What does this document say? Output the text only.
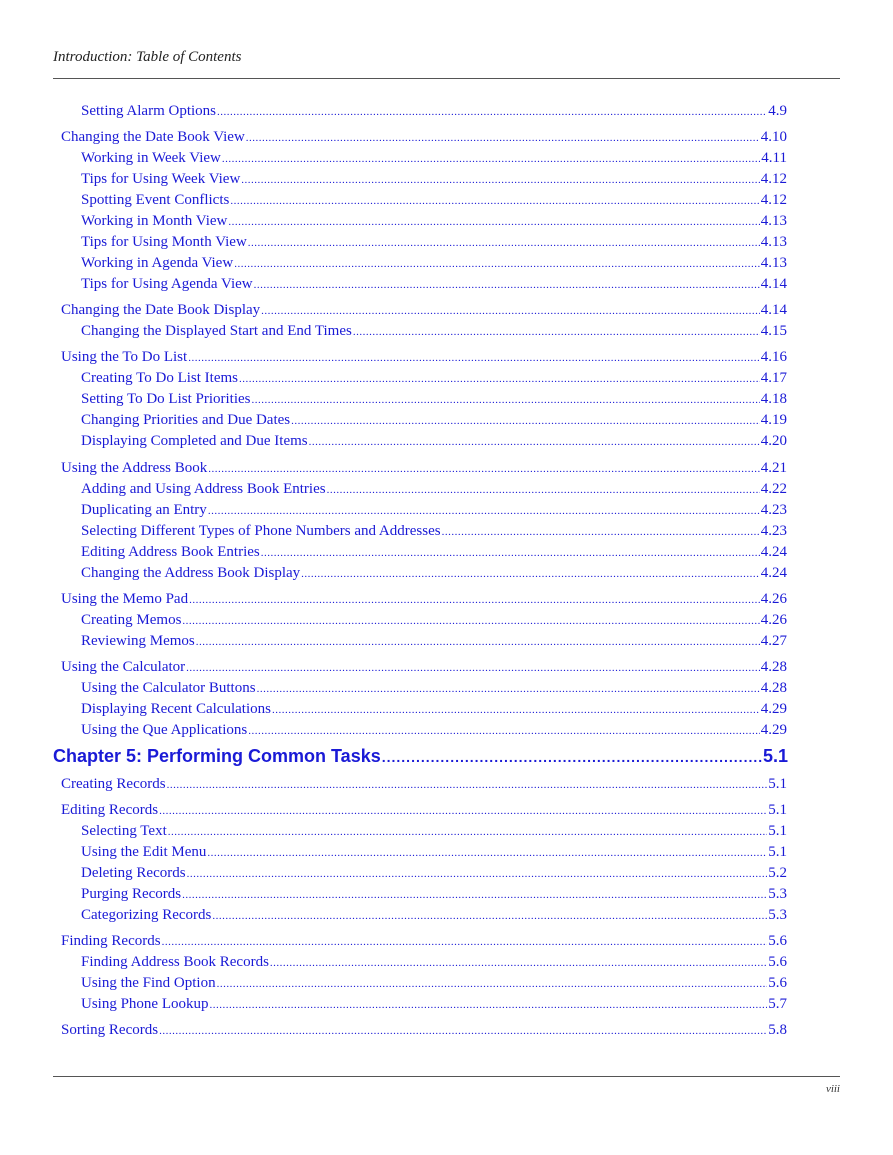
Introduction: Table of Contents
Setting Alarm Options .....	4.9
Changing the Date Book View .....	4.10
Working in Week View .....	4.11
Tips for Using Week View .....	4.12
Spotting Event Conflicts .....	4.12
Working in Month View .....	4.13
Tips for Using Month View .....	4.13
Working in Agenda View .....	4.13
Tips for Using Agenda View .....	4.14
Changing the Date Book Display .....	4.14
Changing the Displayed Start and End Times .....	4.15
Using the To Do List .....	4.16
Creating To Do List Items .....	4.17
Setting To Do List Priorities .....	4.18
Changing Priorities and Due Dates .....	4.19
Displaying Completed and Due Items .....	4.20
Using the Address Book .....	4.21
Adding and Using Address Book Entries .....	4.22
Duplicating an Entry .....	4.23
Selecting Different Types of Phone Numbers and Addresses .....	4.23
Editing Address Book Entries .....	4.24
Changing the Address Book Display .....	4.24
Using the Memo Pad .....	4.26
Creating Memos .....	4.26
Reviewing Memos .....	4.27
Using the Calculator .....	4.28
Using the Calculator Buttons .....	4.28
Displaying Recent Calculations .....	4.29
Using the Que Applications .....	4.29
Chapter 5: Performing Common Tasks .....	5.1
Creating Records .....	5.1
Editing Records .....	5.1
Selecting Text .....	5.1
Using the Edit Menu .....	5.1
Deleting Records .....	5.2
Purging Records .....	5.3
Categorizing Records .....	5.3
Finding Records .....	5.6
Finding Address Book Records .....	5.6
Using the Find Option .....	5.6
Using Phone Lookup .....	5.7
Sorting Records .....	5.8
viii
